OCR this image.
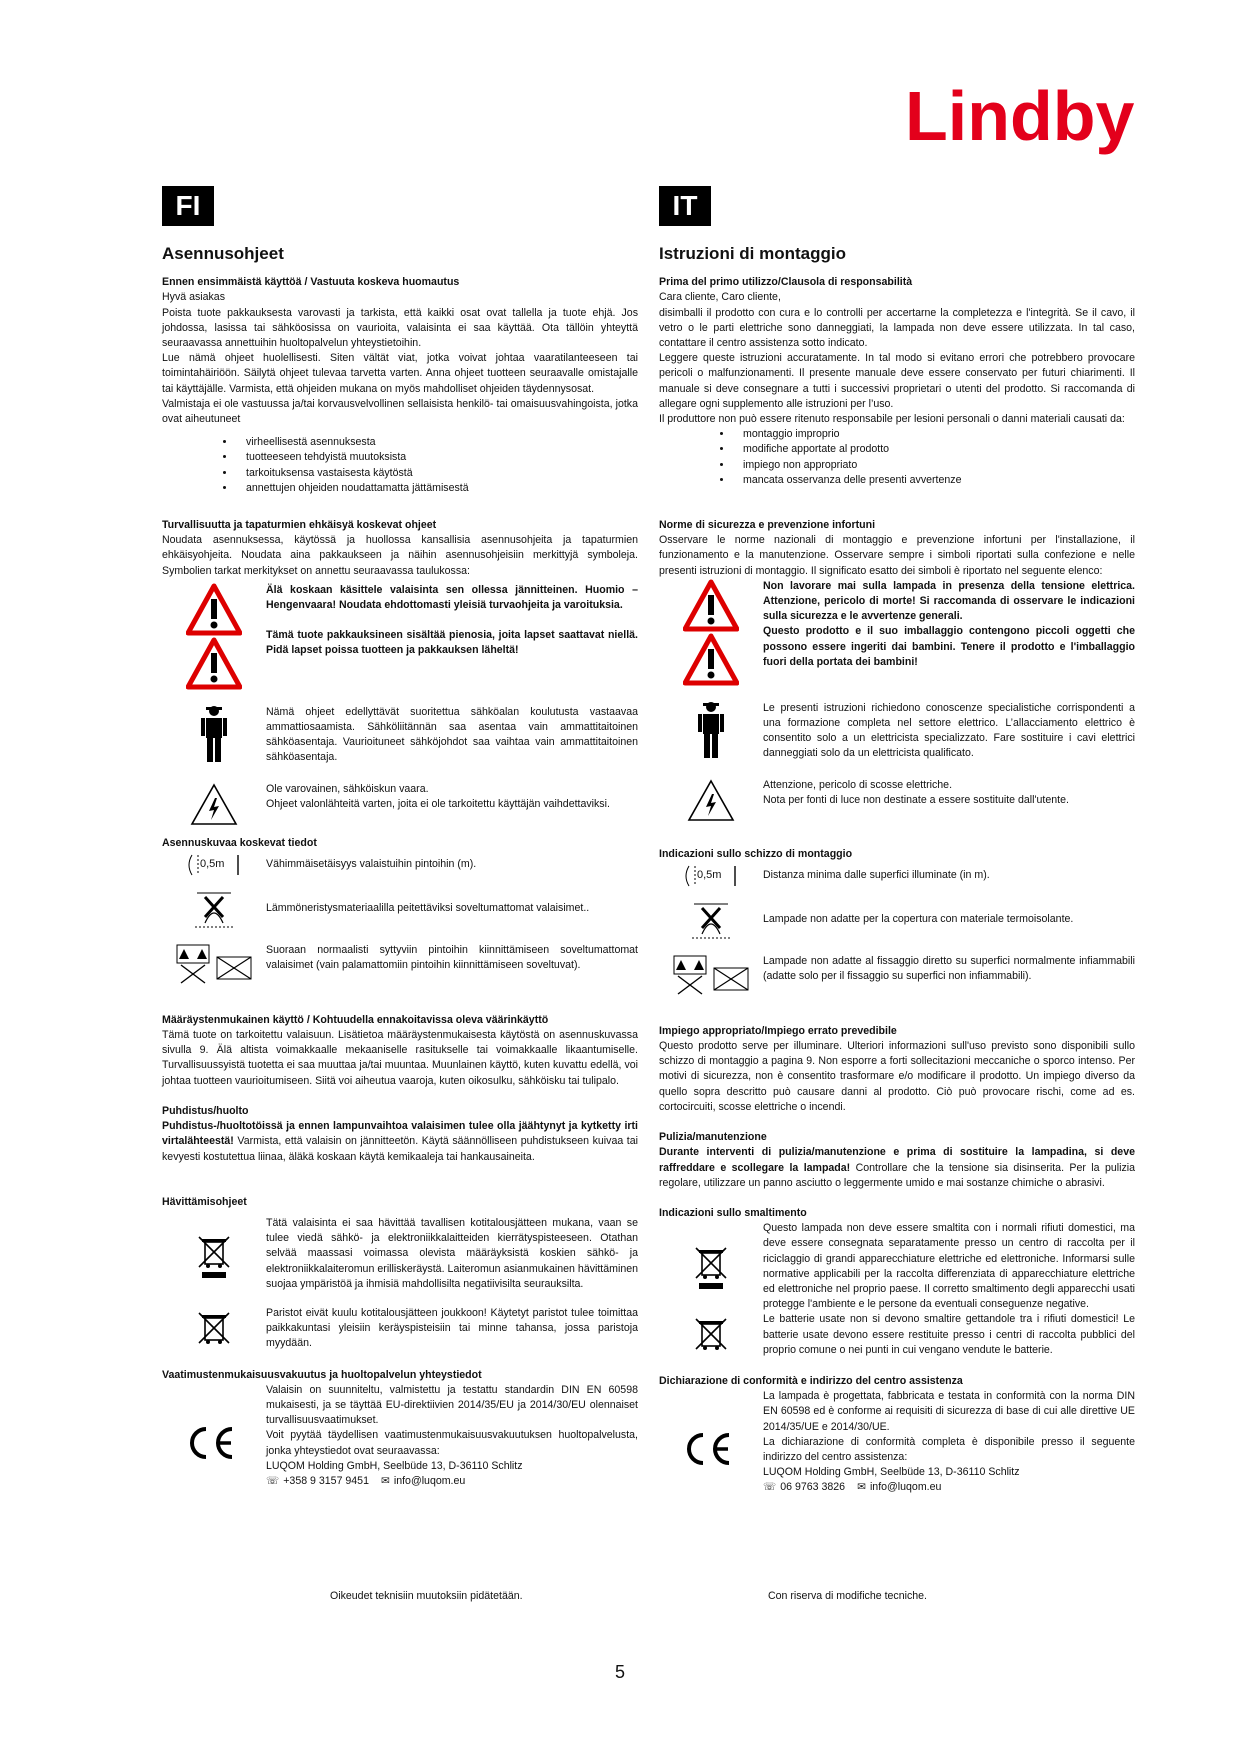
Lindby
FI
Asennusohjeet
Ennen ensimmäistä käyttöä / Vastuuta koskeva huomautus

Hyvä asiakas

Poista tuote pakkauksesta varovasti ja tarkista, että kaikki osat ovat tallella ja tuote ehjä. Jos johdossa, lasissa tai sähköosissa on vaurioita, valaisinta ei saa käyttää. Ota tällöin yhteyttä seuraavassa annettuihin huoltopalvelun yhteystietoihin.

Lue nämä ohjeet huolellisesti. Siten vältät viat, jotka voivat johtaa vaaratilanteeseen tai toimintahäiriöön. Säilytä ohjeet tulevaa tarvetta varten. Anna ohjeet tuotteen seuraavalle omistajalle tai käyttäjälle. Varmista, että ohjeiden mukana on myös mahdolliset ohjeiden täydennysosat.

Valmistaja ei ole vastuussa ja/tai korvausvelvollinen sellaisista henkilö- tai omaisuusvahingoista, jotka ovat aiheutuneet

• virheellisestä asennuksesta
• tuotteeseen tehdyistä muutoksista
• tarkoituksensa vastaisesta käytöstä
• annettujen ohjeiden noudattamatta jättämisestä
Turvallisuutta ja tapaturmien ehkäisyä koskevat ohjeet

Noudata asennuksessa, käytössä ja huollossa kansallisia asennusohjeita ja tapaturmien ehkäisyohjeita. Noudata aina pakkaukseen ja näihin asennusohjeisiin merkittyjä symboleja. Symbolien tarkat merkitykset on annettu seuraavassa taulukossa:

Älä koskaan käsittele valaisinta sen ollessa jännitteinen. Huomio – Hengenvaara! Noudata ehdottomasti yleisiä turvaohjeita ja varoituksia.

Tämä tuote pakkauksineen sisältää pienosia, joita lapset saattavat niellä. Pidä lapset poissa tuotteen ja pakkauksen läheltä!

Nämä ohjeet edellyttävät suoritettua sähköalan koulutusta vastaavaa ammattiosaamista. Sähköliitännän saa asentaa vain ammattitaitoinen sähköasentaja. Vaurioituneet sähköjohdot saa vaihtaa vain ammattitaitoinen sähköasentaja.

Ole varovainen, sähköiskun vaara.

Ohjeet valonlähteitä varten, joita ei ole tarkoitettu käyttäjän vaihdettaviksi.

Asennuskuvaa koskevat tiedot
0,5m	Vähimmäisetäisyys valaistuihin pintoihin (m).

Lämmöneristysmateriaalilla peitettäviksi soveltumattomat valaisimet..

Suoraan normaalisti syttyviin pintoihin kiinnittämiseen soveltumattomat valaisimet (vain palamattomiin pintoihin kiinnittämiseen soveltuvat).

Määräystenmukainen käyttö / Kohtuudella ennakoitavissa oleva väärinkäyttö

Tämä tuote on tarkoitettu valaisuun. Lisätietoa määräystenmukaisesta käytöstä on asennuskuvassa sivulla 9. Älä altista voimakkaalle mekaaniselle rasitukselle tai voimakkaalle likaantumiselle. Turvallisuussyistä tuotetta ei saa muuttaa ja/tai muuntaa. Muunlainen käyttö, kuten kuvattu edellä, voi johtaa tuotteen vaurioitumiseen. Siitä voi aiheutua vaaroja, kuten oikosulku, sähköisku tai tulipalo.

Puhdistus/huolto

Puhdistus-/huoltotöissä ja ennen lampunvaihtoa valaisimen tulee olla jäähtynyt ja kytketty irti virtalähteestä! Varmista, että valaisin on jännitteetön. Käytä säännölliseen puhdistukseen kuivaa tai kevyesti kostutettua liinaa, äläkä koskaan käytä kemikaaleja tai hankausaineita.

Hävittämisohjeet

Tätä valaisinta ei saa hävittää tavallisen kotitalousjätteen mukana, vaan se tulee viedä sähkö- ja elektroniikkalaitteiden kierrätyspisteeseen. Otathan selvää maassasi voimassa olevista määräyksistä koskien sähkö- ja elektroniikkalaiteromun erilliskeräystä. Laiteromun asianmukainen hävittäminen suojaa ympäristöä ja ihmisiä mahdollisilta negatiivisilta seurauksilta.

Paristot eivät kuulu kotitalousjätteen joukkoon! Käytetyt paristot tulee toimittaa paikkakuntasi yleisiin keräyspisteisiin tai minne tahansa, jossa paristoja myydään.

Vaatimustenmukaisuusvakuutus ja huoltopalvelun yhteystiedot

Valaisin on suunniteltu, valmistettu ja testattu standardin DIN EN 60598 mukaisesti, ja se täyttää EU-direktiivien 2014/35/EU ja 2014/30/EU olennaiset turvallisuusvaatimukset.

Voit pyytää täydellisen vaatimustenmukaisuusvakuutuksen huoltopalvelusta, jonka yhteystiedot ovat seuraavassa:

LUQOM Holding GmbH, Seelbüde 13, D-36110 Schlitz

☏ +358 9 3157 9451 ✉ info@luqom.eu

IT
Istruzioni di montaggio
Prima del primo utilizzo/Clausola di responsabilità

Cara cliente, Caro cliente,

disimballi il prodotto con cura e lo controlli per accertarne la completezza e l'integrità. Se il cavo, il vetro o le parti elettriche sono danneggiati, la lampada non deve essere utilizzata. In tal caso, contattare il centro assistenza sotto indicato.

Leggere queste istruzioni accuratamente. In tal modo si evitano errori che potrebbero provocare pericoli o malfunzionamenti. Il presente manuale deve essere conservato per futuri chiarimenti. Il manuale si deve consegnare a tutti i successivi proprietari o utenti del prodotto. Si raccomanda di allegare ogni supplemento alle istruzioni per l’uso.

Il produttore non può essere ritenuto responsabile per lesioni personali o danni materiali causati da:

• montaggio improprio
• modifiche apportate al prodotto
• impiego non appropriato
• mancata osservanza delle presenti avvertenze
Norme di sicurezza e prevenzione infortuni

Osservare le norme nazionali di montaggio e prevenzione infortuni per l'installazione, il funzionamento e la manutenzione. Osservare sempre i simboli riportati sulla confezione e nelle presenti istruzioni di montaggio. Il significato esatto dei simboli è riportato nel seguente elenco:

Non lavorare mai sulla lampada in presenza della tensione elettrica. Attenzione, pericolo di morte! Si raccomanda di osservare le indicazioni sulla sicurezza e le avvertenze generali.

Questo prodotto e il suo imballaggio contengono piccoli oggetti che possono essere ingeriti dai bambini. Tenere il prodotto e l'imballaggio fuori della portata dei bambini!

Le presenti istruzioni richiedono conoscenze specialistiche corrispondenti a una formazione completa nel settore elettrico. L’allacciamento elettrico è consentito solo a un elettricista specializzato. Fare sostituire i cavi elettrici danneggiati solo da un elettricista qualificato.

Attenzione, pericolo di scosse elettriche.

Nota per fonti di luce non destinate a essere sostituite dall'utente.

Indicazioni sullo schizzo di montaggio
0,5m	Distanza minima dalle superfici illuminate (in m).

Lampade non adatte per la copertura con materiale termoisolante.

Lampade non adatte al fissaggio diretto su superfici normalmente infiammabili (adatte solo per il fissaggio su superfici non infiammabili).

Impiego appropriato/Impiego errato prevedibile

Questo prodotto serve per illuminare. Ulteriori informazioni sull'uso previsto sono disponibili sullo schizzo di montaggio a pagina 9. Non esporre a forti sollecitazioni meccaniche o sporco intenso. Per motivi di sicurezza, non è consentito trasformare e/o modificare il prodotto. Un impiego diverso da quello sopra descritto può causare danni al prodotto. Ciò può provocare rischi, come ad es. cortocircuiti, scosse elettriche o incendi.

Pulizia/manutenzione

Durante interventi di pulizia/manutenzione e prima di sostituire la lampadina, si deve raffreddare e scollegare la lampada! Controllare che la tensione sia disinserita. Per la pulizia regolare, utilizzare un panno asciutto o leggermente umido e mai sostanze chimiche o abrasivi.

Indicazioni sullo smaltimento

Questo lampada non deve essere smaltita con i normali rifiuti domestici, ma deve essere consegnata separatamente presso un centro di raccolta per il riciclaggio di grandi apparecchiature elettriche ed elettroniche. Informarsi sulle normative applicabili per la raccolta differenziata di apparecchiature elettriche ed elettroniche nel proprio paese. Il corretto smaltimento degli apparecchi usati protegge l'ambiente e le persone da eventuali conseguenze negative.

Le batterie usate non si devono smaltire gettandole tra i rifiuti domestici! Le batterie usate devono essere restituite presso i centri di raccolta pubblici del proprio comune o nei punti in cui vengano vendute le batterie.

Dichiarazione di conformità e indirizzo del centro assistenza

La lampada è progettata, fabbricata e testata in conformità con la norma DIN EN 60598 ed è conforme ai requisiti di sicurezza di base di cui alle direttive UE 2014/35/UE e 2014/30/UE.

La dichiarazione di conformità completa è disponibile presso il seguente indirizzo del centro assistenza:

LUQOM Holding GmbH, Seelbüde 13, D-36110 Schlitz

☏ 06 9763 3826 ✉ info@luqom.eu

Oikeudet teknisiin muutoksiin pidätetään.	Con riserva di modifiche tecniche.
5
